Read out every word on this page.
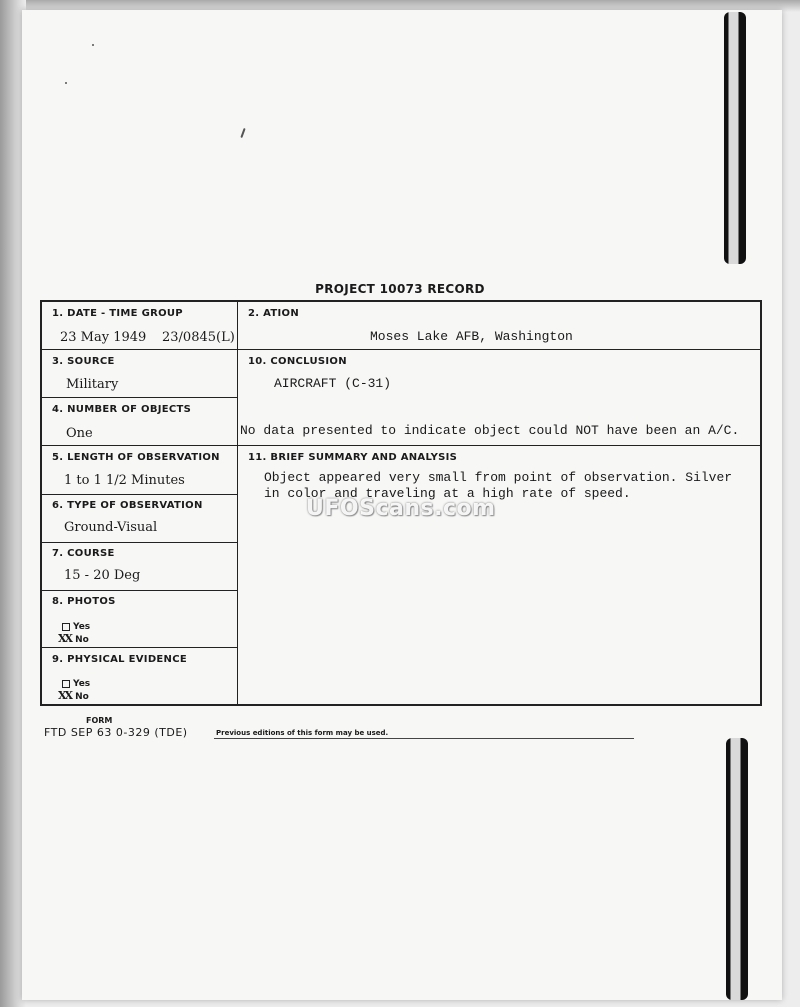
PROJECT 10073 RECORD
1. DATE - TIME GROUP
23 May 1949 23/0845(L)
2. ATION
Moses Lake AFB, Washington
3. SOURCE
Military
10. CONCLUSION
AIRCRAFT (C-31)
No data presented to indicate object could NOT have been an A/C.
4. NUMBER OF OBJECTS
One
5. LENGTH OF OBSERVATION
1 to 1 1/2 Minutes
11. BRIEF SUMMARY AND ANALYSIS
Object appeared very small from point of observation. Silver
in color and traveling at a high rate of speed.
6. TYPE OF OBSERVATION
Ground-Visual
7. COURSE
15 - 20 Deg
8. PHOTOS
Yes
XX No
9. PHYSICAL EVIDENCE
Yes
XX No
UFOScans.com
FORM
FTD SEP 63 0-329 (TDE)	Previous editions of this form may be used.
